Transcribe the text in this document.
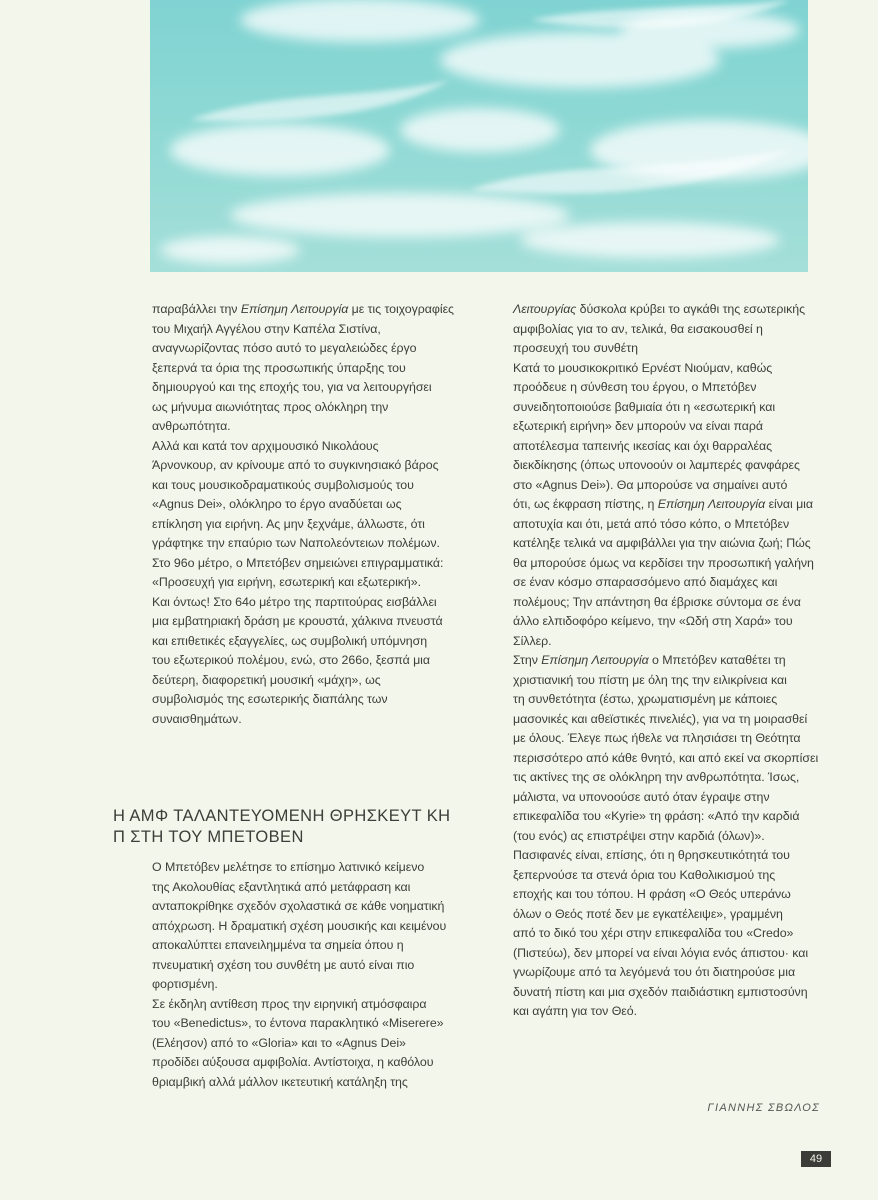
παραβάλλει την Επίσημη Λειτουργία με τις τοιχογραφίες
του Μιχαήλ Αγγέλου στην Καπέλα Σιστίνα,
αναγνωρίζοντας πόσο αυτό το μεγαλειώδες έργο
ξεπερνά τα όρια της προσωπικής ύπαρξης του
δημιουργού και της εποχής του, για να λειτουργήσει
ως μήνυμα αιωνιότητας προς ολόκληρη την
ανθρωπότητα.
Αλλά και κατά τον αρχιμουσικό Νικολάους
Άρνονκουρ, αν κρίνουμε από το συγκινησιακό βάρος
και τους μουσικοδραματικούς συμβολισμούς του
«Agnus Dei», ολόκληρο το έργο αναδύεται ως
επίκληση για ειρήνη. Ας μην ξεχνάμε, άλλωστε, ότι
γράφτηκε την επαύριο των Ναπολεόντειων πολέμων.
Στο 96ο μέτρο, ο Μπετόβεν σημειώνει επιγραμματικά:
«Προσευχή για ειρήνη, εσωτερική και εξωτερική».
Και όντως! Στο 64ο μέτρο της παρτιτούρας εισβάλλει
μια εμβατηριακή δράση με κρουστά, χάλκινα πνευστά
και επιθετικές εξαγγελίες, ως συμβολική υπόμνηση
του εξωτερικού πολέμου, ενώ, στο 266ο, ξεσπά μια
δεύτερη, διαφορετική μουσική «μάχη», ως
συμβολισμός της εσωτερικής διαπάλης των
συναισθημάτων.
Η ΑΜΦ ΤΑΛΑΝΤΕΥΟΜΕΝΗ ΘΡΗΣΚΕΥΤ ΚΗ
Π ΣΤΗ ΤΟΥ ΜΠΕΤΟΒΕΝ
Ο Μπετόβεν μελέτησε το επίσημο λατινικό κείμενο
της Ακολουθίας εξαντλητικά από μετάφραση και
ανταποκρίθηκε σχεδόν σχολαστικά σε κάθε νοηματική
απόχρωση. Η δραματική σχέση μουσικής και κειμένου
αποκαλύπτει επανειλημμένα τα σημεία όπου η
πνευματική σχέση του συνθέτη με αυτό είναι πιο
φορτισμένη.
Σε έκδηλη αντίθεση προς την ειρηνική ατμόσφαιρα
του «Benedictus», το έντονα παρακλητικό «Miserere»
(Ελέησον) από το «Gloria» και το «Agnus Dei»
προδίδει αύξουσα αμφιβολία. Αντίστοιχα, η καθόλου
θριαμβική αλλά μάλλον ικετευτική κατάληξη της
Λειτουργίας δύσκολα κρύβει το αγκάθι της εσωτερικής
αμφιβολίας για το αν, τελικά, θα εισακουσθεί η
προσευχή του συνθέτη
Κατά το μουσικοκριτικό Ερνέστ Νιούμαν, καθώς
προόδευε η σύνθεση του έργου, ο Μπετόβεν
συνειδητοποιούσε βαθμιαία ότι η «εσωτερική και
εξωτερική ειρήνη» δεν μπορούν να είναι παρά
αποτέλεσμα ταπεινής ικεσίας και όχι θαρραλέας
διεκδίκησης (όπως υπονοούν οι λαμπερές φανφάρες
στο «Agnus Dei»). Θα μπορούσε να σημαίνει αυτό
ότι, ως έκφραση πίστης, η Επίσημη Λειτουργία είναι μια
αποτυχία και ότι, μετά από τόσο κόπο, ο Μπετόβεν
κατέληξε τελικά να αμφιβάλλει για την αιώνια ζωή; Πώς
θα μπορούσε όμως να κερδίσει την προσωπική γαλήνη
σε έναν κόσμο σπαρασσόμενο από διαμάχες και
πολέμους; Την απάντηση θα έβρισκε σύντομα σε ένα
άλλο ελπιδοφόρο κείμενο, την «Ωδή στη Χαρά» του
Σίλλερ.
Στην Επίσημη Λειτουργία ο Μπετόβεν καταθέτει τη
χριστιανική του πίστη με όλη της την ειλικρίνεια και
τη συνθετότητα (έστω, χρωματισμένη με κάποιες
μασονικές και αθεϊστικές πινελιές), για να τη μοιρασθεί
με όλους. Έλεγε πως ήθελε να πλησιάσει τη Θεότητα
περισσότερο από κάθε θνητό, και από εκεί να σκορπίσει
τις ακτίνες της σε ολόκληρη την ανθρωπότητα. Ίσως,
μάλιστα, να υπονοούσε αυτό όταν έγραψε στην
επικεφαλίδα του «Kyrie» τη φράση: «Από την καρδιά
(του ενός) ας επιστρέψει στην καρδιά (όλων)».
Πασιφανές είναι, επίσης, ότι η θρησκευτικότητά του
ξεπερνούσε τα στενά όρια του Καθολικισμού της
εποχής και του τόπου. Η φράση «Ο Θεός υπεράνω
όλων ο Θεός ποτέ δεν με εγκατέλειψε», γραμμένη
από το δικό του χέρι στην επικεφαλίδα του «Credo»
(Πιστεύω), δεν μπορεί να είναι λόγια ενός άπιστου· και
γνωρίζουμε από τα λεγόμενά του ότι διατηρούσε μια
δυνατή πίστη και μια σχεδόν παιδιάστικη εμπιστοσύνη
και αγάπη για τον Θεό.
ΓΙΑΝΝΗΣ ΣΒΩΛΟΣ
49
